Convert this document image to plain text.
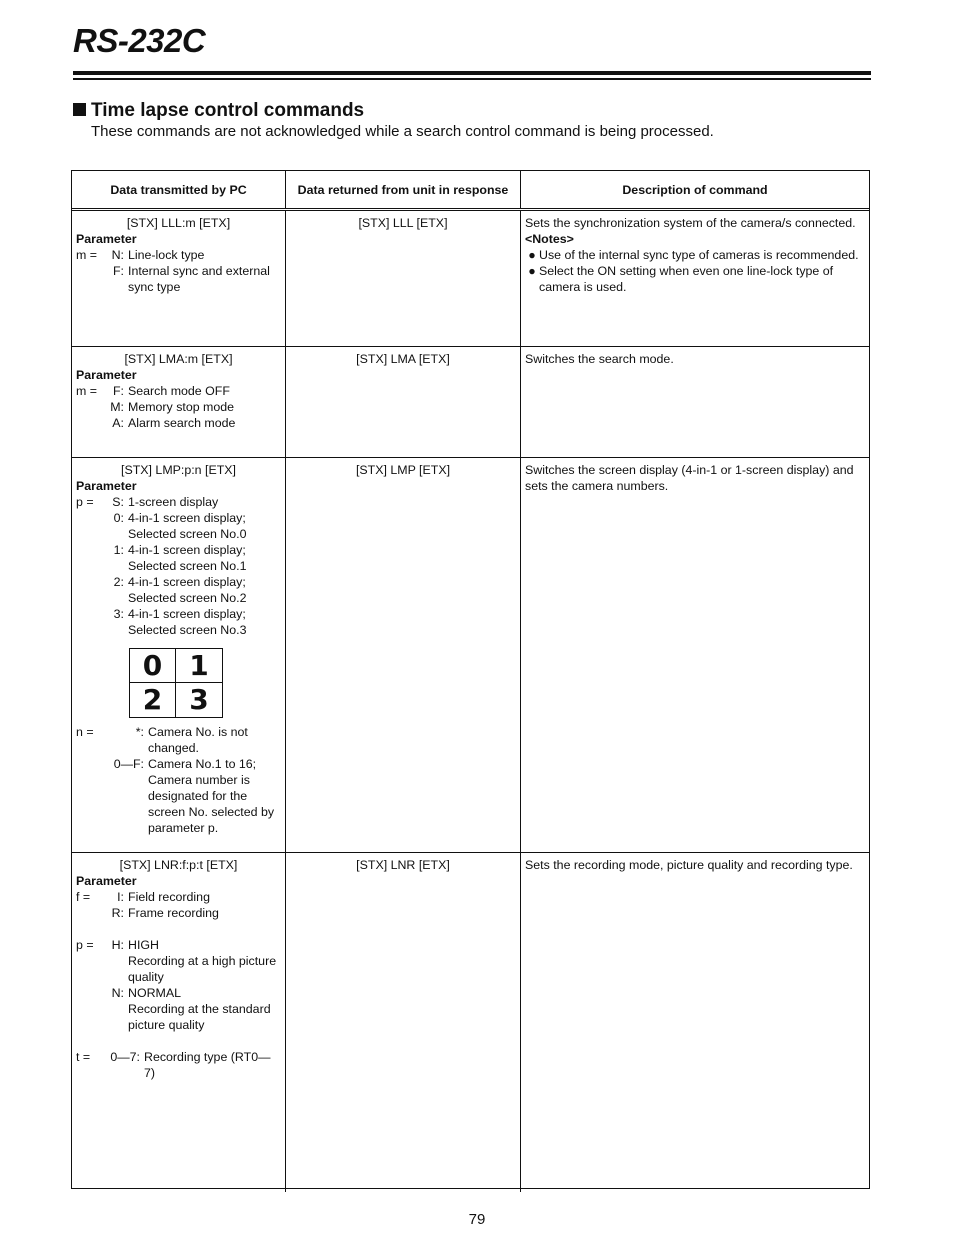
RS-232C
Time lapse control commands
These commands are not acknowledged while a search control command is being processed.
Data transmitted by PC	Data returned from unit in response	Description of command
[STX] LLL:m [ETX]
Parameter
m =	N: Line-lock type
F: Internal sync and external sync type
[STX] LLL [ETX]	Sets the synchronization system of the camera/s connected.
<Notes>
● Use of the internal sync type of cameras is recommended.
● Select the ON setting when even one line-lock type of camera is used.
[STX] LMA:m [ETX]
Parameter
m =	F: Search mode OFF
M: Memory stop mode
A: Alarm search mode
[STX] LMA [ETX]	Switches the search mode.
[STX] LMP:p:n [ETX]
Parameter
p =	S: 1-screen display
0: 4-in-1 screen display; Selected screen No.0
1: 4-in-1 screen display; Selected screen No.1
2: 4-in-1 screen display; Selected screen No.2
3: 4-in-1 screen display; Selected screen No.3
0 1
2 3
n =	*: Camera No. is not changed.
0—F: Camera No.1 to 16; Camera number is designated for the screen No. selected by parameter p.
[STX] LMP [ETX]	Switches the screen display (4-in-1 or 1-screen display) and sets the camera numbers.
[STX] LNR:f:p:t [ETX]
Parameter
f =	I: Field recording
R: Frame recording
p =	H: HIGH
Recording at a high picture quality
N: NORMAL
Recording at the standard picture quality
t =	0—7: Recording type (RT0—7)
[STX] LNR [ETX]	Sets the recording mode, picture quality and recording type.
79
